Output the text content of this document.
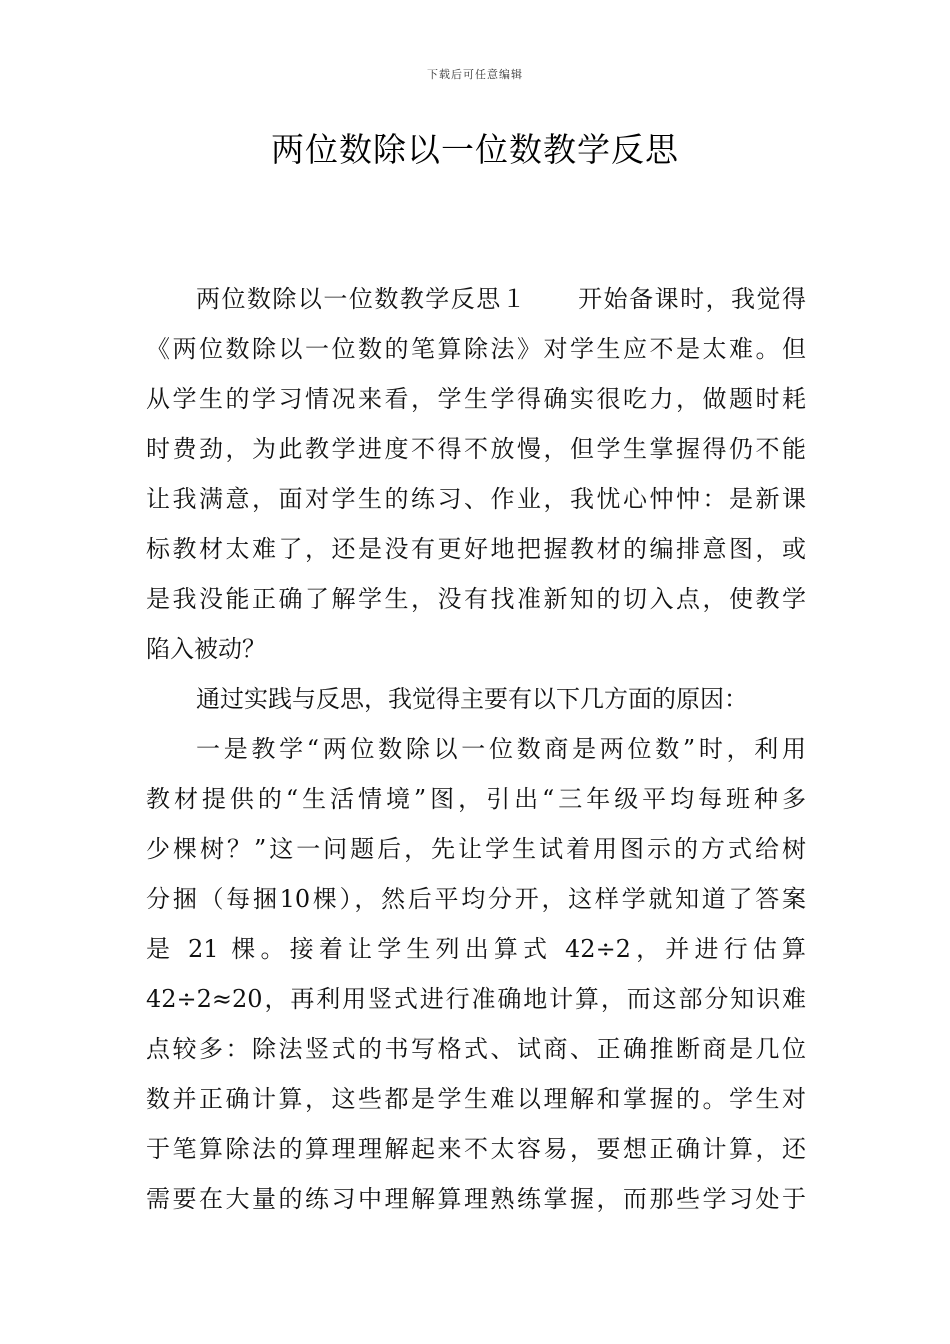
下载后可任意编辑
两位数除以一位数教学反思
两位数除以一位数教学反思１　　开始备课时，我觉得
《两位数除以一位数的笔算除法》对学生应不是太难。但
从学生的学习情况来看，学生学得确实很吃力，做题时耗
时费劲，为此教学进度不得不放慢，但学生掌握得仍不能
让我满意，面对学生的练习、作业，我忧心忡忡：是新课
标教材太难了，还是没有更好地把握教材的编排意图，或
是我没能正确了解学生，没有找准新知的切入点，使教学
陷入被动？
通过实践与反思，我觉得主要有以下几方面的原因：
一是教学“两位数除以一位数商是两位数”时，利用
教材提供的“生活情境”图，引出“三年级平均每班种多
少棵树？”这一问题后，先让学生试着用图示的方式给树
分捆（每捆10棵），然后平均分开，这样学就知道了答案
是 21 棵。接着让学生列出算式 42÷2，并进行估算
42÷2≈20，再利用竖式进行准确地计算，而这部分知识难
点较多：除法竖式的书写格式、试商、正确推断商是几位
数并正确计算，这些都是学生难以理解和掌握的。学生对
于笔算除法的算理理解起来不太容易，要想正确计算，还
需要在大量的练习中理解算理熟练掌握，而那些学习处于
